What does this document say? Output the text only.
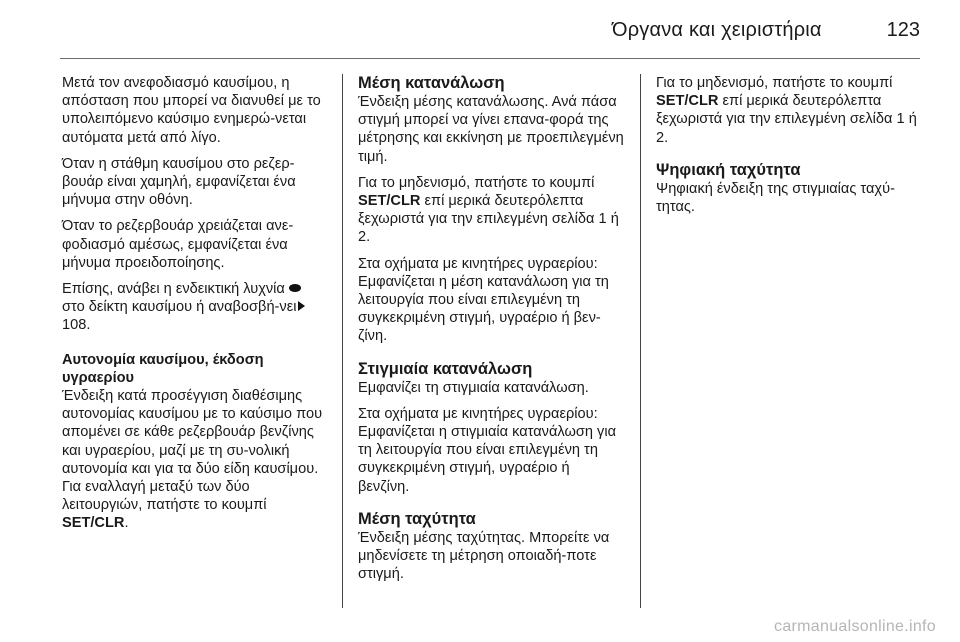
Όργανα και χειριστήρια	123

Μετά τον ανεφοδιασμό καυσίμου, η απόσταση που μπορεί να διανυθεί με το υπολειπόμενο καύσιμο ενημερώ-νεται αυτόματα μετά από λίγο.

Όταν η στάθμη καυσίμου στο ρεζερ-βουάρ είναι χαμηλή, εμφανίζεται ένα μήνυμα στην οθόνη.

Όταν το ρεζερβουάρ χρειάζεται ανε-φοδιασμό αμέσως, εμφανίζεται ένα μήνυμα προειδοποίησης.

Επίσης, ανάβει η ενδεικτική λυχνία  στο δείκτη καυσίμου ή αναβοσβή-νει108.

Αυτονομία καυσίμου, έκδοση υγραερίου

Ένδειξη κατά προσέγγιση διαθέσιμης αυτονομίας καυσίμου με το καύσιμο που απομένει σε κάθε ρεζερβουάρ βενζίνης και υγραερίου, μαζί με τη συ-νολική αυτονομία και για τα δύο είδη καυσίμου. Για εναλλαγή μεταξύ των δύο λειτουργιών, πατήστε το κουμπί SET/CLR.

Μέση κατανάλωση

Ένδειξη μέσης κατανάλωσης. Ανά πάσα στιγμή μπορεί να γίνει επανα-φορά της μέτρησης και εκκίνηση με προεπιλεγμένη τιμή.

Για το μηδενισμό, πατήστε το κουμπί SET/CLR επί μερικά δευτερόλεπτα ξεχωριστά για την επιλεγμένη σελίδα 1 ή 2.

Στα οχήματα με κινητήρες υγραερίου: Εμφανίζεται η μέση κατανάλωση για τη λειτουργία που είναι επιλεγμένη τη συγκεκριμένη στιγμή, υγραέριο ή βεν-ζίνη.

Στιγμιαία κατανάλωση

Εμφανίζει τη στιγμιαία κατανάλωση.

Στα οχήματα με κινητήρες υγραερίου: Εμφανίζεται η στιγμιαία κατανάλωση για τη λειτουργία που είναι επιλεγμένη τη συγκεκριμένη στιγμή, υγραέριο ή βενζίνη.

Μέση ταχύτητα

Ένδειξη μέσης ταχύτητας. Μπορείτε να μηδενίσετε τη μέτρηση οποιαδή-ποτε στιγμή.

Για το μηδενισμό, πατήστε το κουμπί SET/CLR επί μερικά δευτερόλεπτα ξεχωριστά για την επιλεγμένη σελίδα 1 ή 2.

Ψηφιακή ταχύτητα

Ψηφιακή ένδειξη της στιγμιαίας ταχύ-τητας.

carmanualsonline.info
